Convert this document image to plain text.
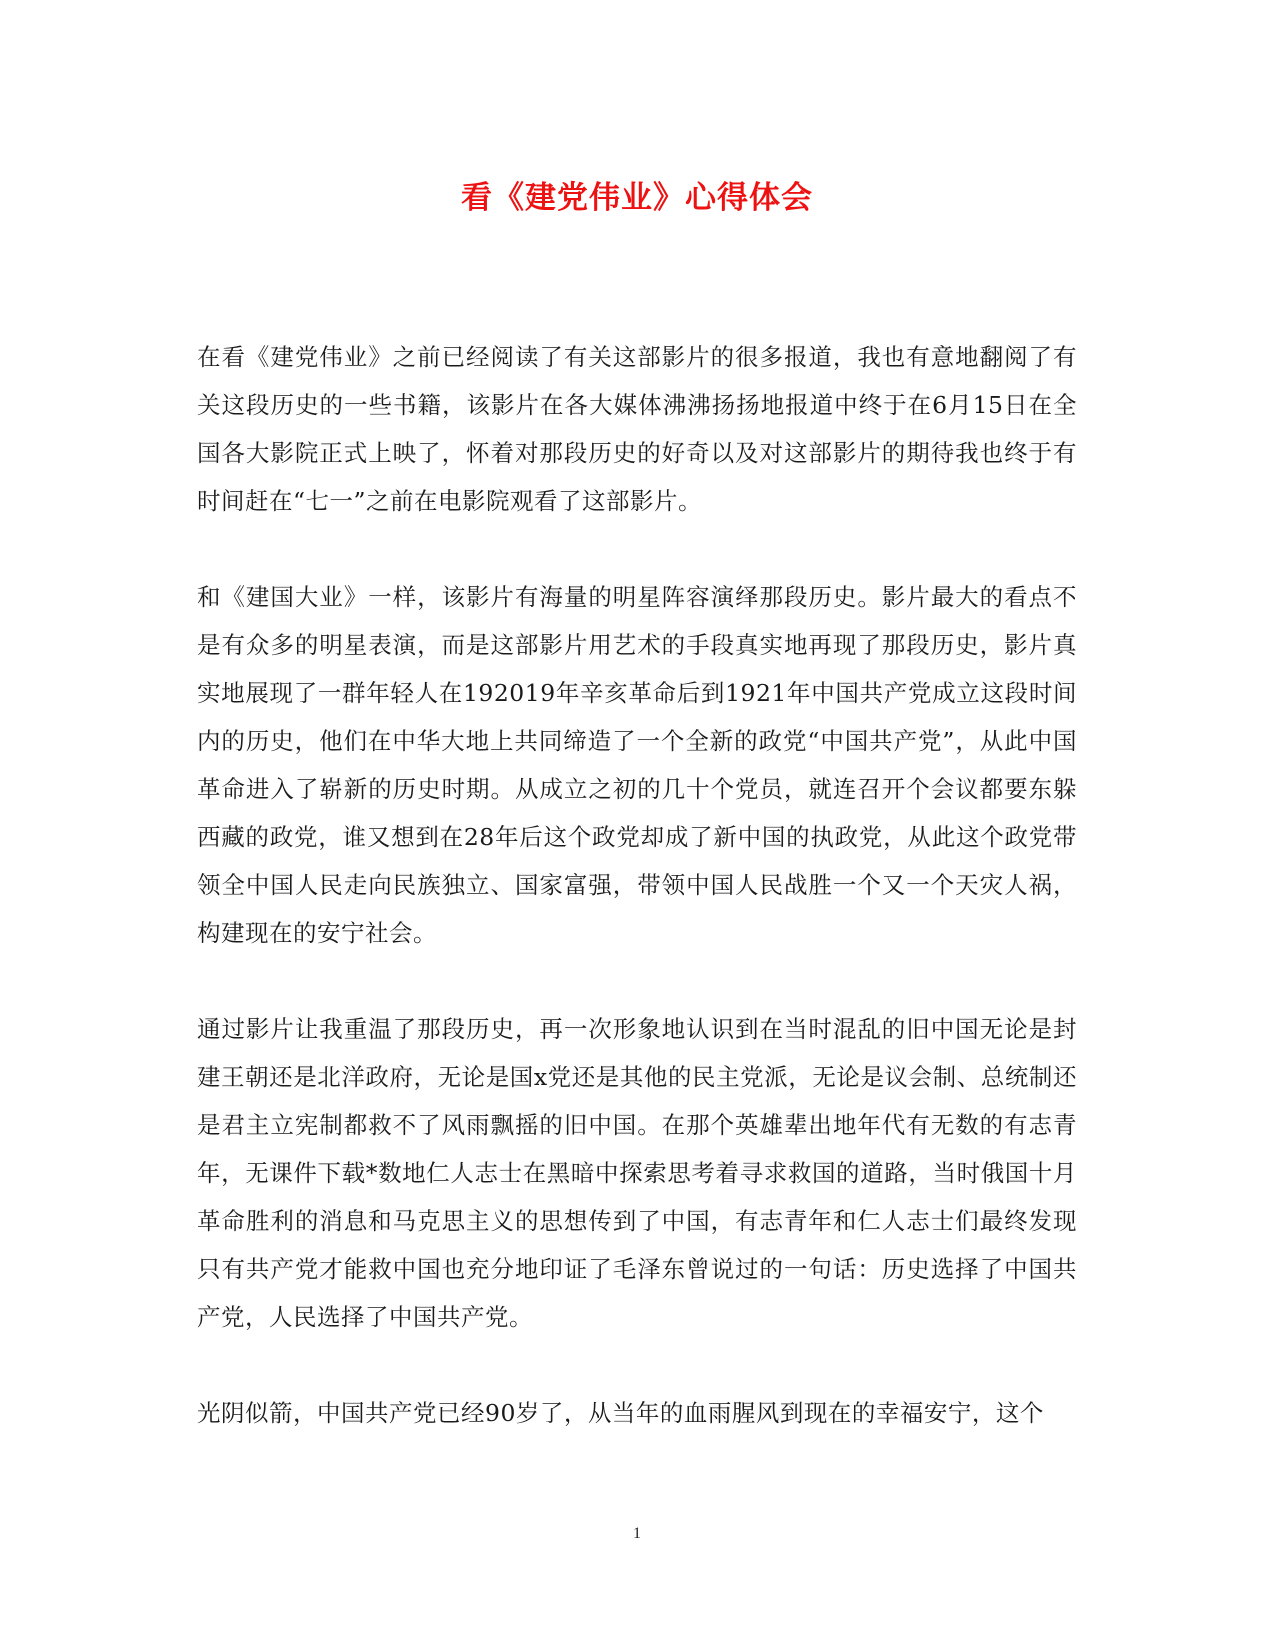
看《建党伟业》心得体会

在看《建党伟业》之前已经阅读了有关这部影片的很多报道，我也有意地翻阅了有关这段历史的一些书籍，该影片在各大媒体沸沸扬扬地报道中终于在6月15日在全国各大影院正式上映了，怀着对那段历史的好奇以及对这部影片的期待我也终于有时间赶在“七一”之前在电影院观看了这部影片。

和《建国大业》一样，该影片有海量的明星阵容演绎那段历史。影片最大的看点不是有众多的明星表演，而是这部影片用艺术的手段真实地再现了那段历史，影片真实地展现了一群年轻人在192019年辛亥革命后到1921年中国共产党成立这段时间内的历史，他们在中华大地上共同缔造了一个全新的政党“中国共产党”，从此中国革命进入了崭新的历史时期。从成立之初的几十个党员，就连召开个会议都要东躲西藏的政党，谁又想到在28年后这个政党却成了新中国的执政党，从此这个政党带领全中国人民走向民族独立、国家富强，带领中国人民战胜一个又一个天灾人祸，构建现在的安宁社会。

通过影片让我重温了那段历史，再一次形象地认识到在当时混乱的旧中国无论是封建王朝还是北洋政府，无论是国x党还是其他的民主党派，无论是议会制、总统制还是君主立宪制都救不了风雨飘摇的旧中国。在那个英雄辈出地年代有无数的有志青年，无课件下载*数地仁人志士在黑暗中探索思考着寻求救国的道路，当时俄国十月革命胜利的消息和马克思主义的思想传到了中国，有志青年和仁人志士们最终发现只有共产党才能救中国也充分地印证了毛泽东曾说过的一句话：历史选择了中国共产党，人民选择了中国共产党。

光阴似箭，中国共产党已经90岁了，从当年的血雨腥风到现在的幸福安宁，这个

1
